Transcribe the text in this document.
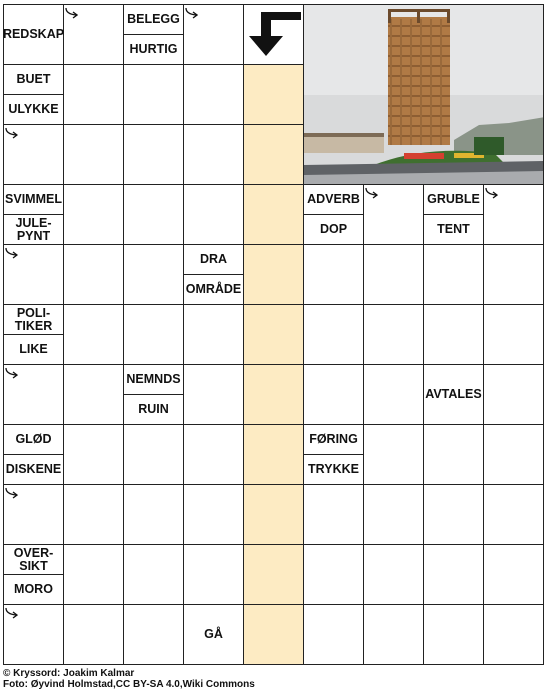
REDSKAP
BELEGG
HURTIG
BUET
ULYKKE
SVIMMEL
JULE-
PYNT
ADVERB
DOP
GRUBLE
TENT
DRA
OMRÅDE
POLI-
TIKER
LIKE
NEMNDS
RUIN
AVTALES
GLØD
DISKENE
FØRING
TRYKKE
OVER-
SIKT
MORO
GÅ
© Kryssord: Joakim Kalmar
Foto: Øyvind Holmstad,CC BY-SA 4.0,Wiki Commons
